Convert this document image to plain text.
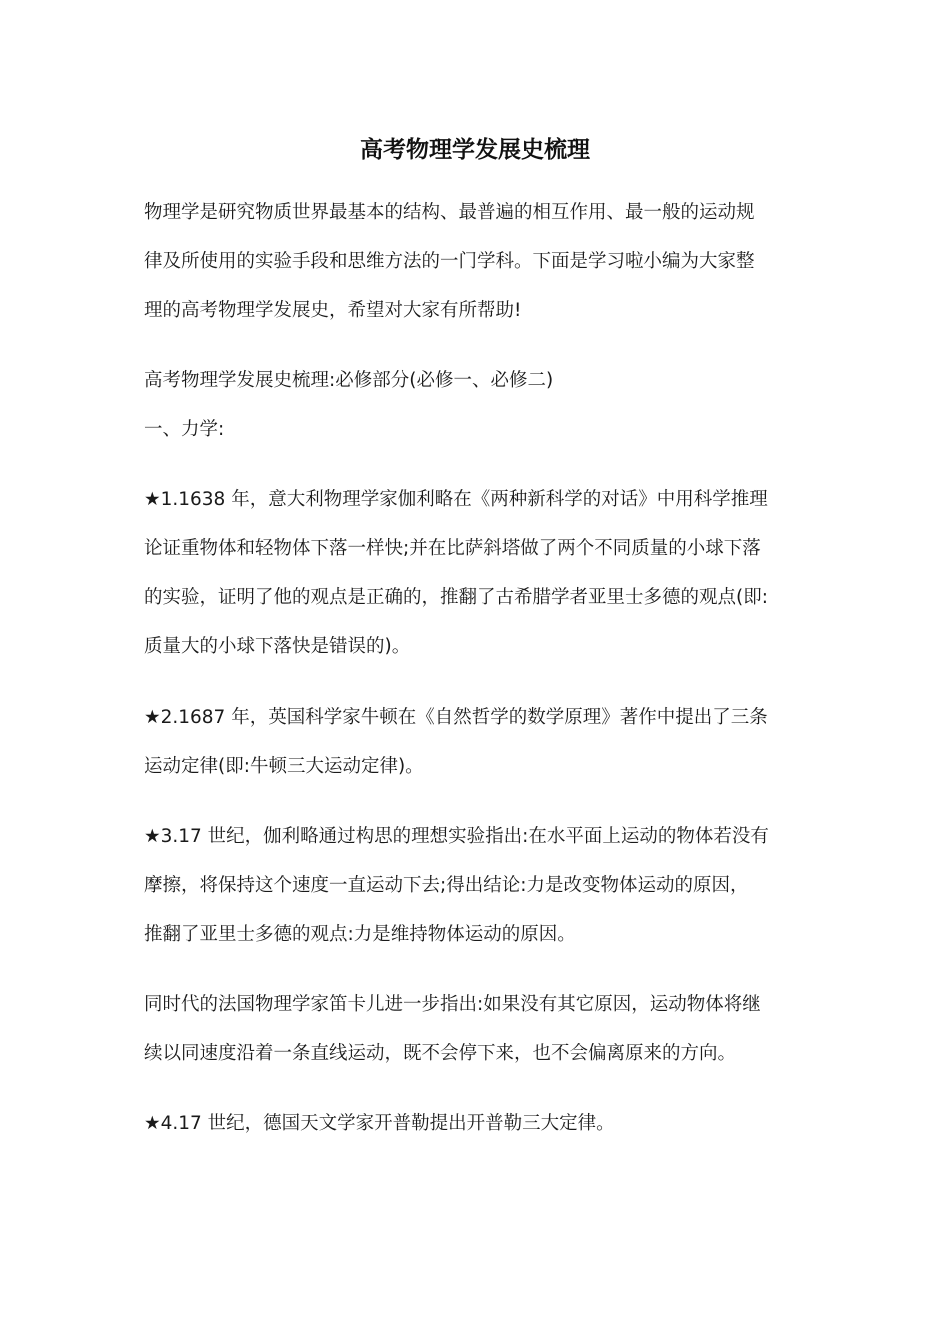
高考物理学发展史梳理

物理学是研究物质世界最基本的结构、最普遍的相互作用、最一般的运动规

律及所使用的实验手段和思维方法的一门学科。下面是学习啦小编为大家整

理的高考物理学发展史，希望对大家有所帮助!

高考物理学发展史梳理:必修部分(必修一、必修二)

一、力学:

★1.1638 年，意大利物理学家伽利略在《两种新科学的对话》中用科学推理

论证重物体和轻物体下落一样快;并在比萨斜塔做了两个不同质量的小球下落

的实验，证明了他的观点是正确的，推翻了古希腊学者亚里士多德的观点(即:

质量大的小球下落快是错误的)。

★2.1687 年，英国科学家牛顿在《自然哲学的数学原理》著作中提出了三条

运动定律(即:牛顿三大运动定律)。

★3.17 世纪，伽利略通过构思的理想实验指出:在水平面上运动的物体若没有

摩擦，将保持这个速度一直运动下去;得出结论:力是改变物体运动的原因，

推翻了亚里士多德的观点:力是维持物体运动的原因。

同时代的法国物理学家笛卡儿进一步指出:如果没有其它原因，运动物体将继

续以同速度沿着一条直线运动，既不会停下来，也不会偏离原来的方向。

★4.17 世纪，德国天文学家开普勒提出开普勒三大定律。
